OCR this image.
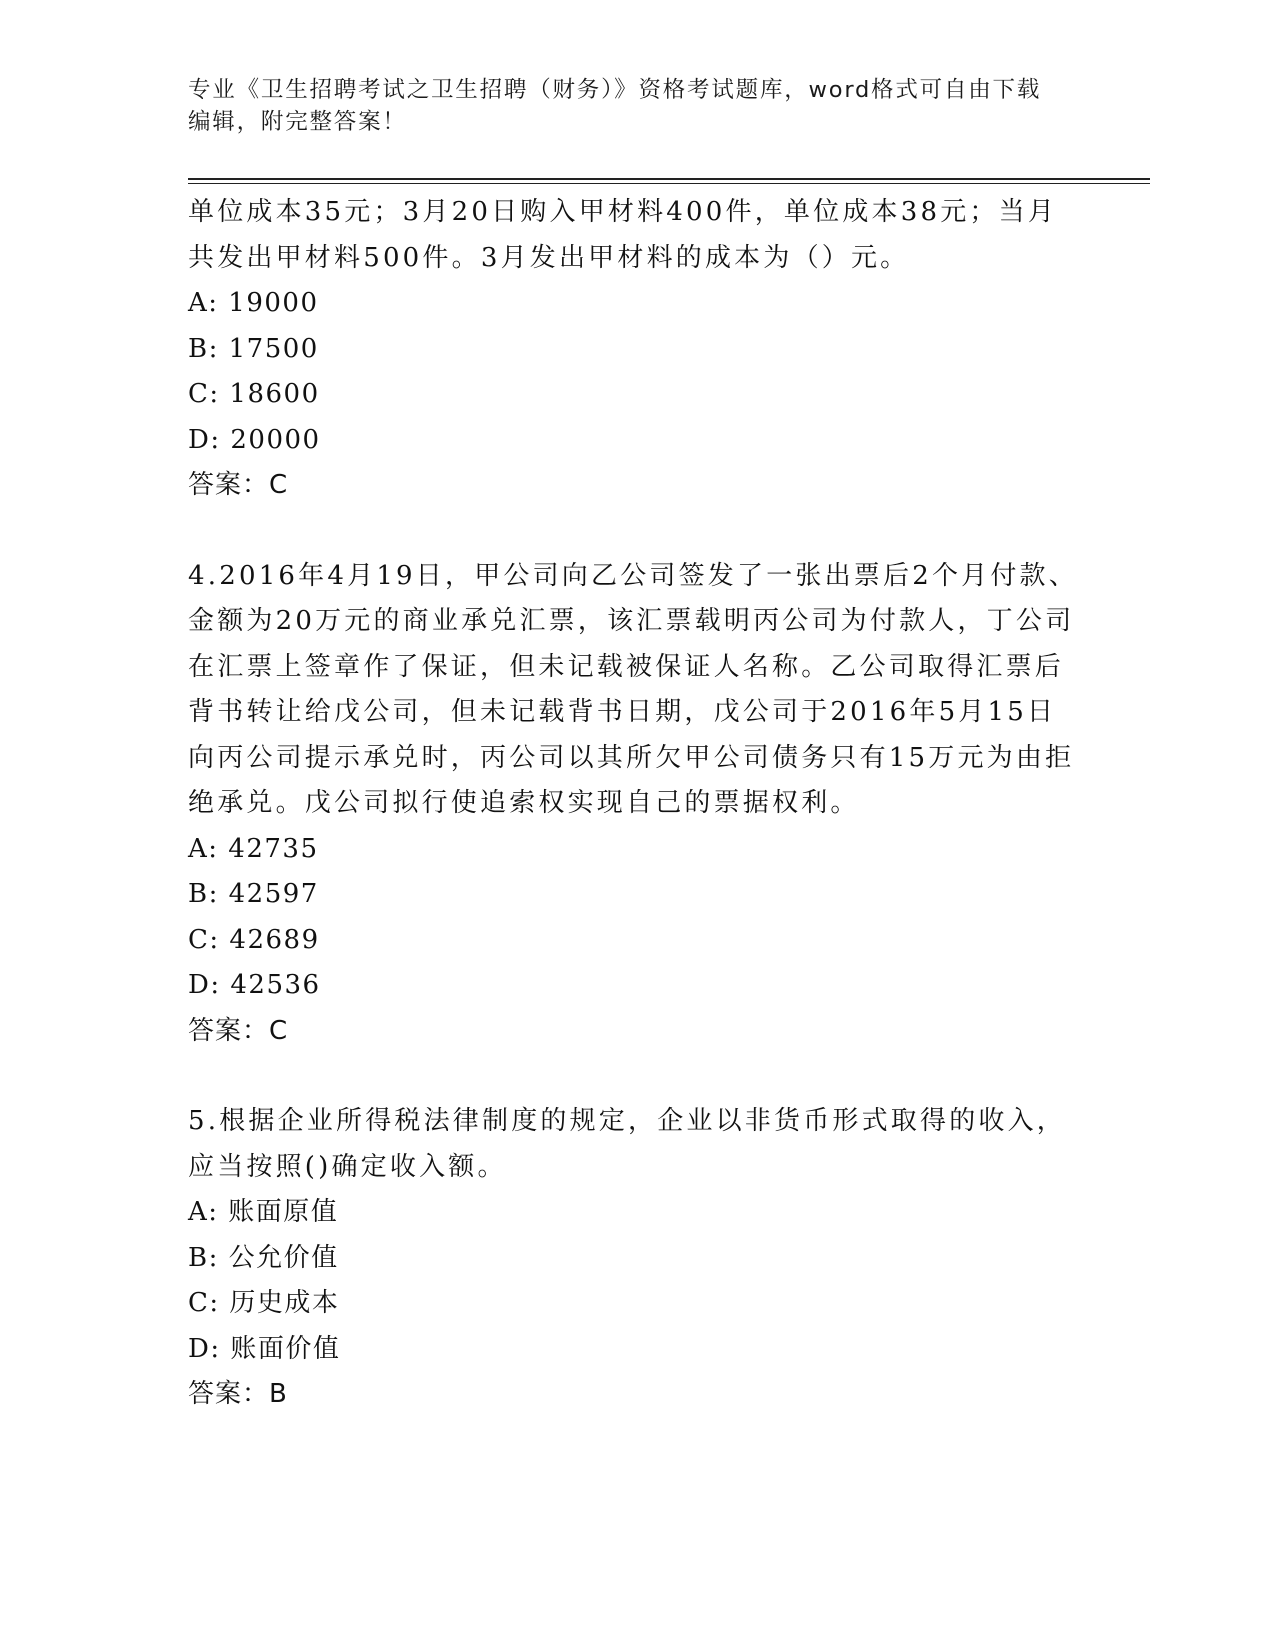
专业《卫生招聘考试之卫生招聘（财务）》资格考试题库，word格式可自由下载
编辑，附完整答案！

单位成本35元；3月20日购入甲材料400件，单位成本38元；当月

共发出甲材料500件。3月发出甲材料的成本为（）元。

A: 19000

B: 17500

C: 18600

D: 20000

答案：C

4.2016年4月19日，甲公司向乙公司签发了一张出票后2个月付款、

金额为20万元的商业承兑汇票，该汇票载明丙公司为付款人，丁公司

在汇票上签章作了保证，但未记载被保证人名称。乙公司取得汇票后

背书转让给戊公司，但未记载背书日期，戊公司于2016年5月15日

向丙公司提示承兑时，丙公司以其所欠甲公司债务只有15万元为由拒

绝承兑。戊公司拟行使追索权实现自己的票据权利。

A: 42735

B: 42597

C: 42689

D: 42536

答案：C

5.根据企业所得税法律制度的规定，企业以非货币形式取得的收入，

应当按照()确定收入额。

A: 账面原值

B: 公允价值

C: 历史成本

D: 账面价值

答案：B
